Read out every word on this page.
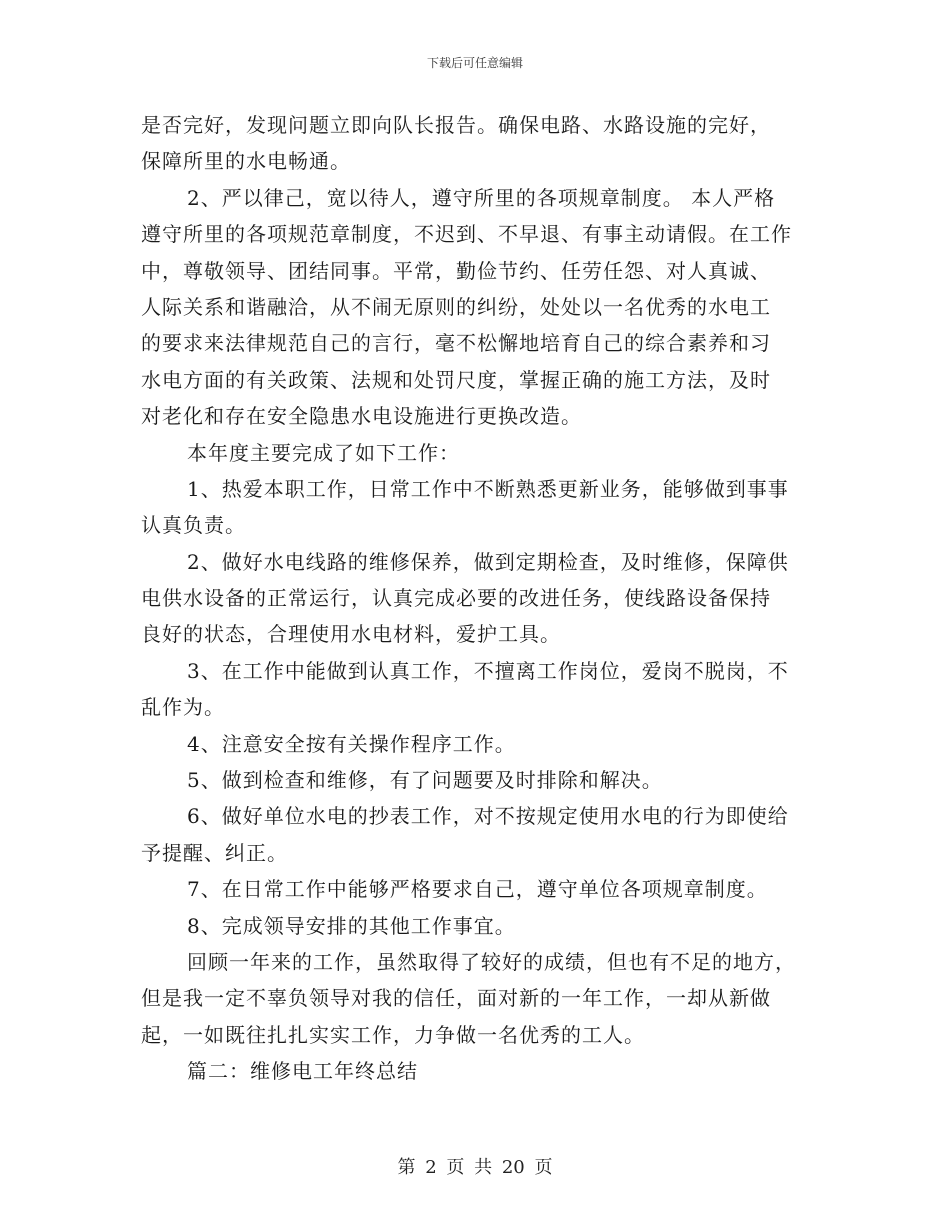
下载后可任意编辑
是否完好，发现问题立即向队长报告。确保电路、水路设施的完好，
保障所里的水电畅通。
2、严以律己，宽以待人，遵守所里的各项规章制度。 本人严格
遵守所里的各项规范章制度，不迟到、不早退、有事主动请假。在工作
中，尊敬领导、团结同事。平常，勤俭节约、任劳任怨、对人真诚、
人际关系和谐融洽，从不闹无原则的纠纷，处处以一名优秀的水电工
的要求来法律规范自己的言行，毫不松懈地培育自己的综合素养和习
水电方面的有关政策、法规和处罚尺度，掌握正确的施工方法，及时
对老化和存在安全隐患水电设施进行更换改造。
本年度主要完成了如下工作：
1、热爱本职工作，日常工作中不断熟悉更新业务，能够做到事事
认真负责。
2、做好水电线路的维修保养，做到定期检查，及时维修，保障供
电供水设备的正常运行，认真完成必要的改进任务，使线路设备保持
良好的状态，合理使用水电材料，爱护工具。
3、在工作中能做到认真工作，不擅离工作岗位，爱岗不脱岗，不
乱作为。
4、注意安全按有关操作程序工作。
5、做到检查和维修，有了问题要及时排除和解决。
6、做好单位水电的抄表工作，对不按规定使用水电的行为即使给
予提醒、纠正。
7、在日常工作中能够严格要求自己，遵守单位各项规章制度。
8、完成领导安排的其他工作事宜。
回顾一年来的工作，虽然取得了较好的成绩，但也有不足的地方，
但是我一定不辜负领导对我的信任，面对新的一年工作，一却从新做
起，一如既往扎扎实实工作，力争做一名优秀的工人。
篇二：维修电工年终总结
第 2 页 共 20 页
